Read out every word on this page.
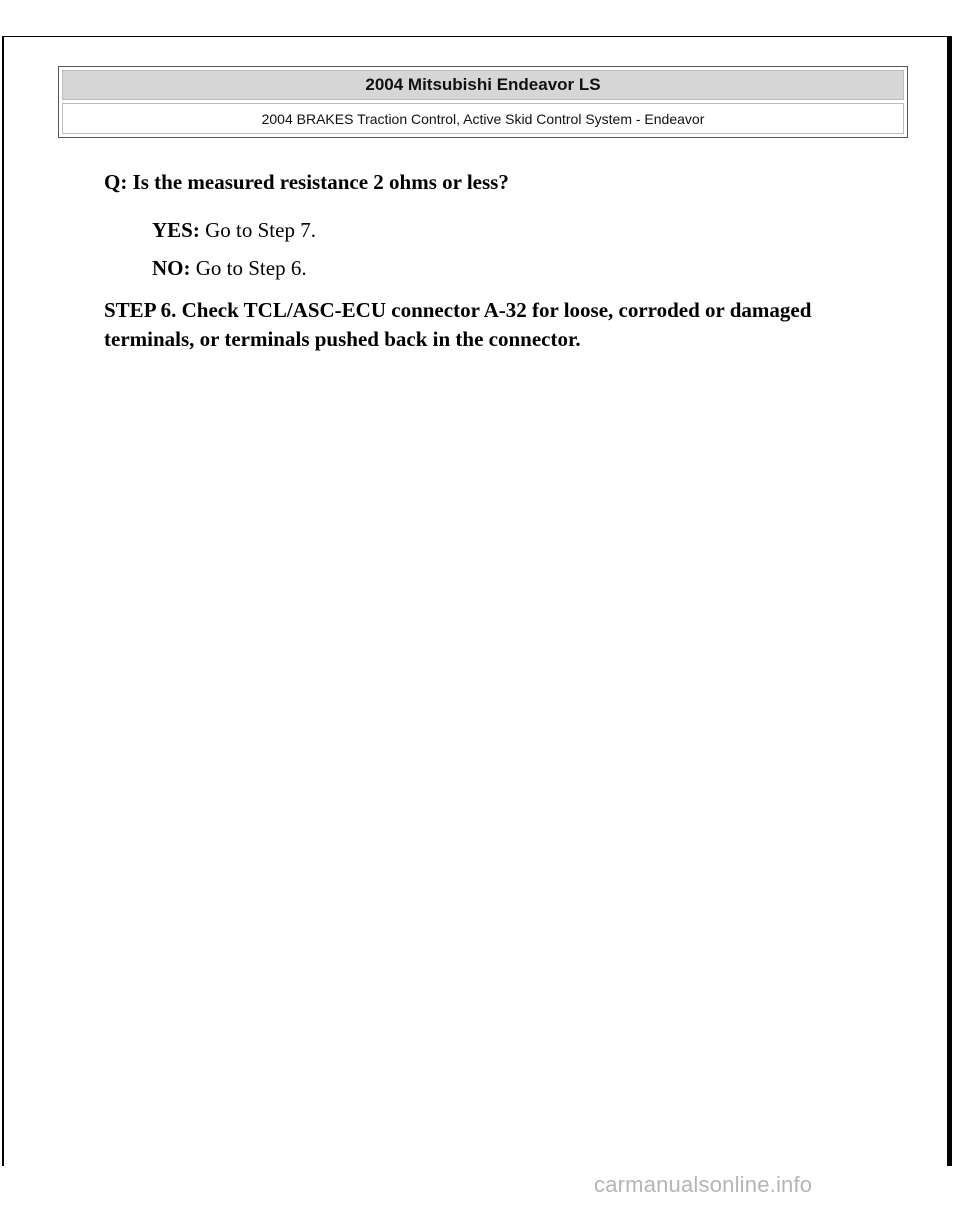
2004 Mitsubishi Endeavor LS
2004 BRAKES Traction Control, Active Skid Control System - Endeavor
Q: Is the measured resistance 2 ohms or less?
YES: Go to Step 7.
NO: Go to Step 6.
STEP 6. Check TCL/ASC-ECU connector A-32 for loose, corroded or damaged terminals, or terminals pushed back in the connector.
carmanualsonline.info
